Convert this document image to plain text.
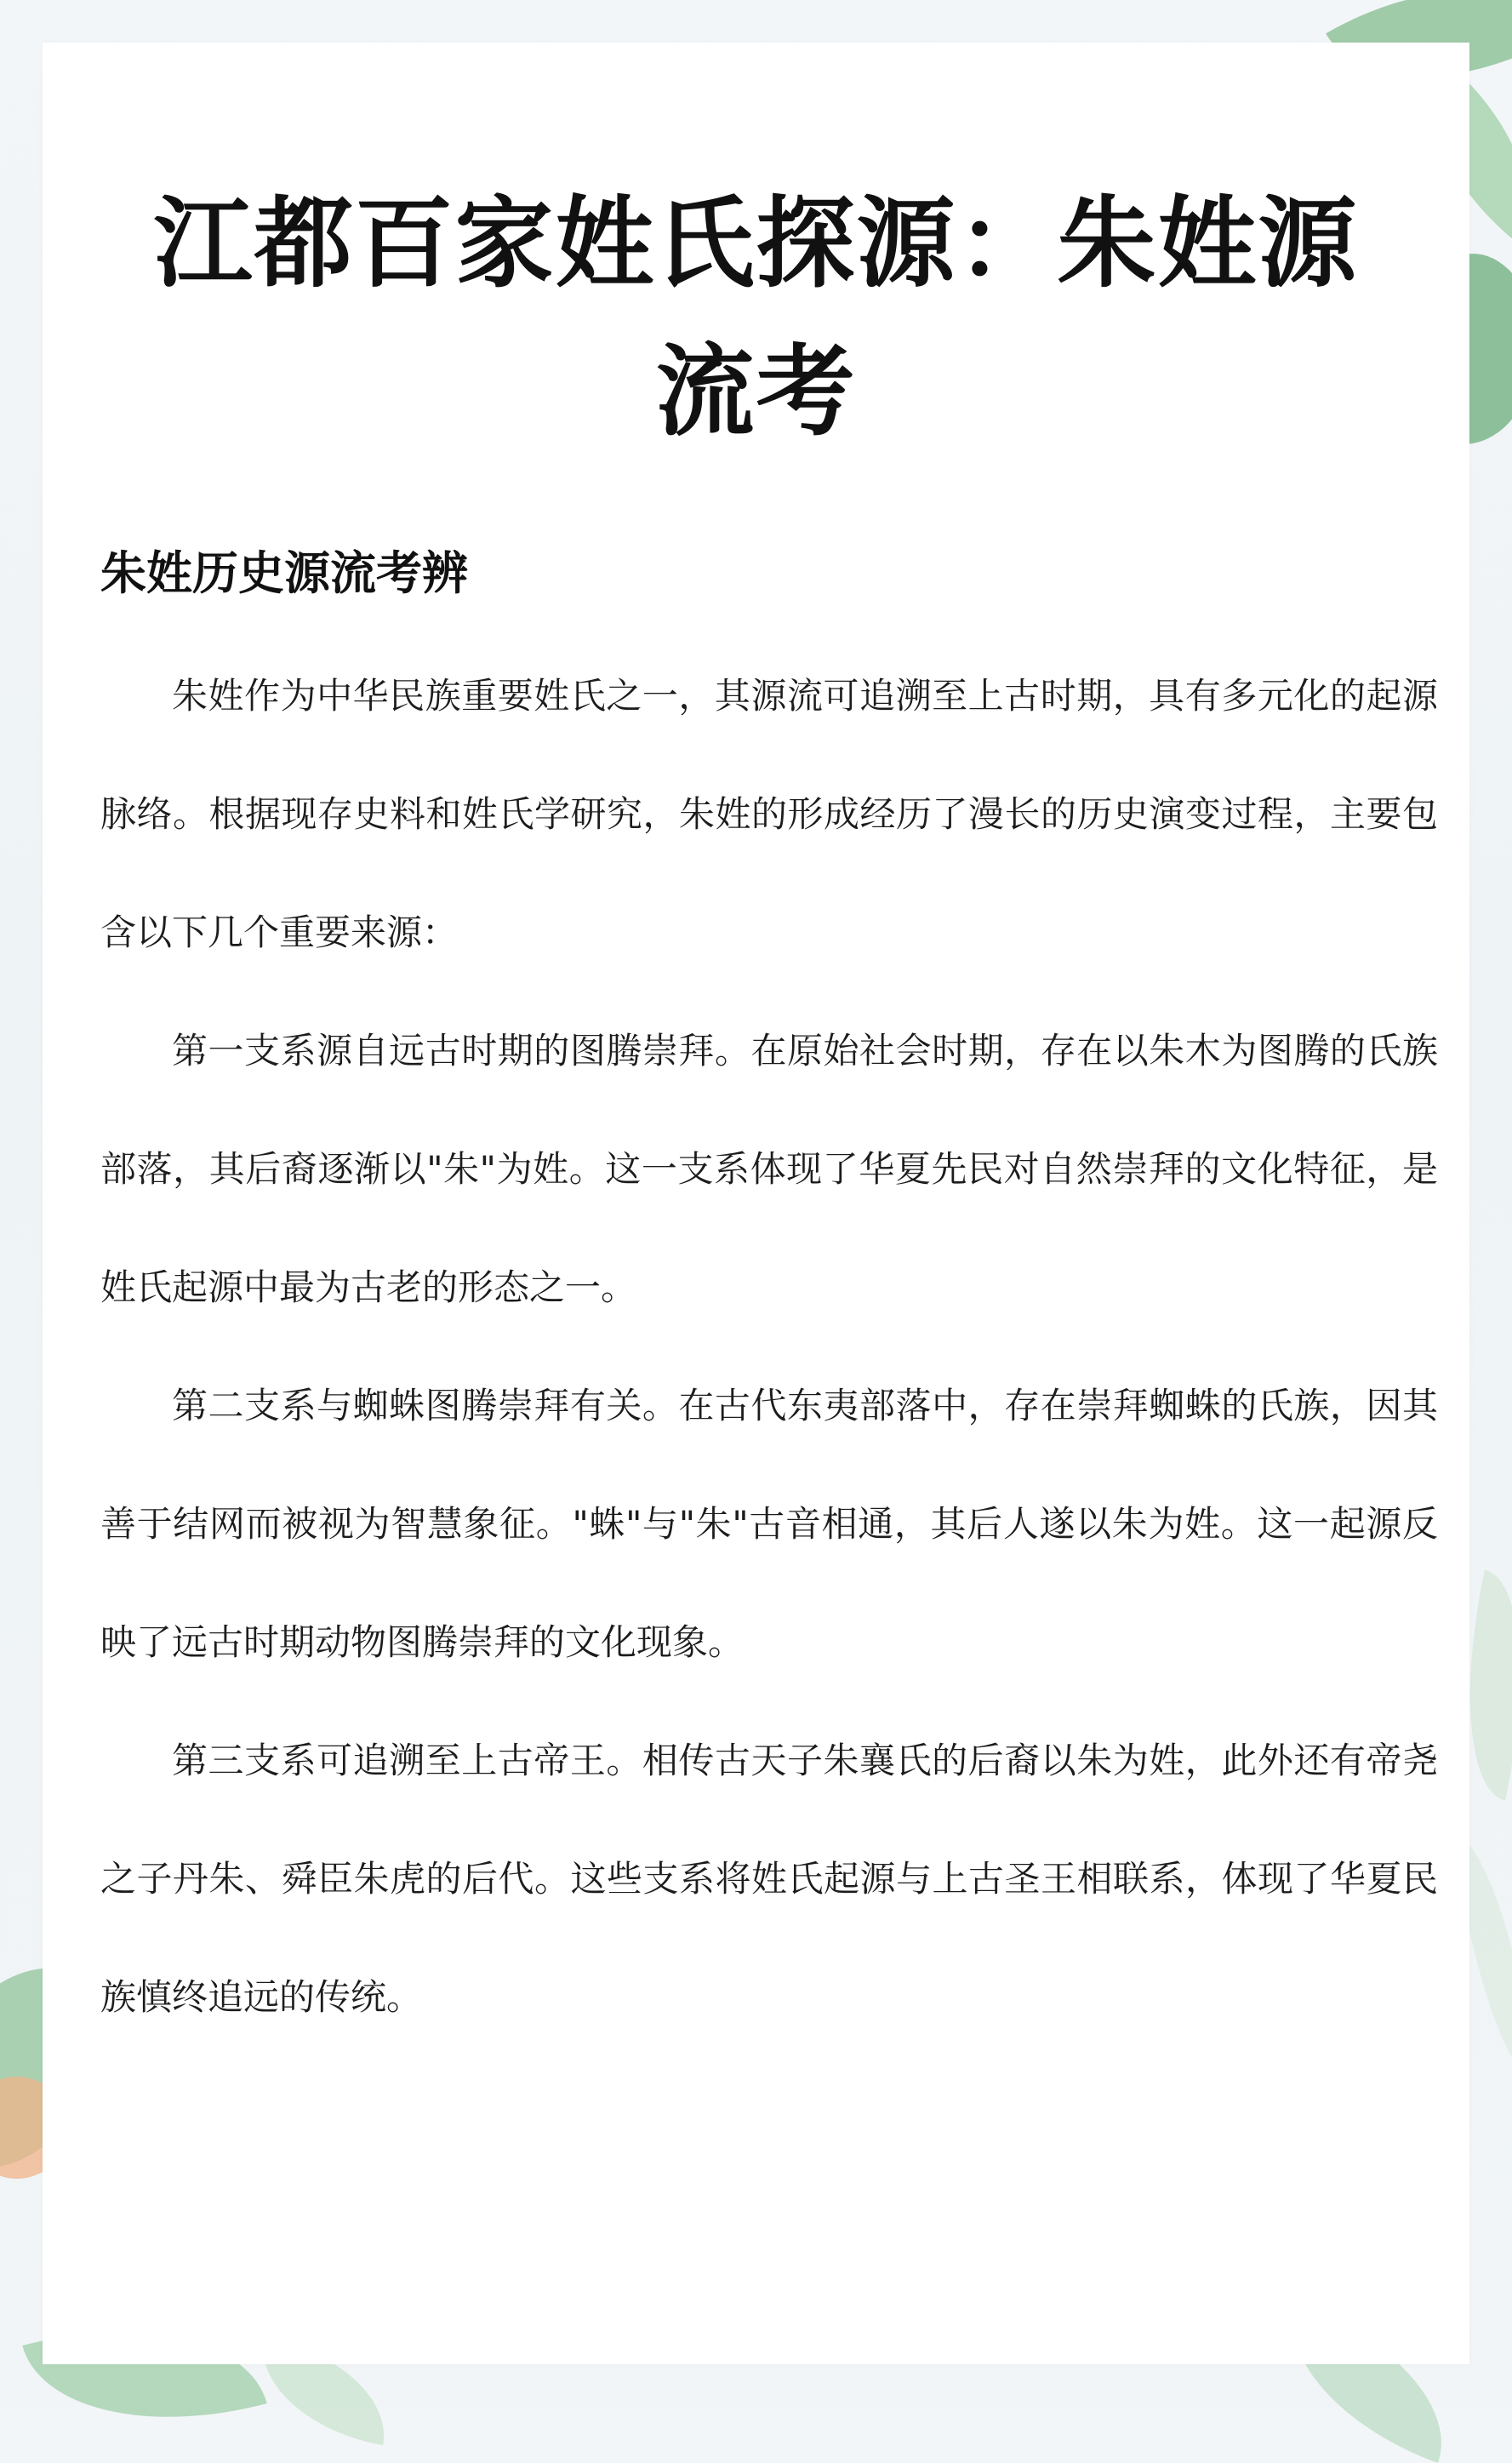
江都百家姓氏探源：朱姓源流考
朱姓历史源流考辨

朱姓作为中华民族重要姓氏之一，其源流可追溯至上古时期，具有多元化的起源脉络。根据现存史料和姓氏学研究，朱姓的形成经历了漫长的历史演变过程，主要包含以下几个重要来源：

第一支系源自远古时期的图腾崇拜。在原始社会时期，存在以朱木为图腾的氏族部落，其后裔逐渐以"朱"为姓。这一支系体现了华夏先民对自然崇拜的文化特征，是姓氏起源中最为古老的形态之一。

第二支系与蜘蛛图腾崇拜有关。在古代东夷部落中，存在崇拜蜘蛛的氏族，因其善于结网而被视为智慧象征。"蛛"与"朱"古音相通，其后人遂以朱为姓。这一起源反映了远古时期动物图腾崇拜的文化现象。

第三支系可追溯至上古帝王。相传古天子朱襄氏的后裔以朱为姓，此外还有帝尧之子丹朱、舜臣朱虎的后代。这些支系将姓氏起源与上古圣王相联系，体现了华夏民族慎终追远的传统。
